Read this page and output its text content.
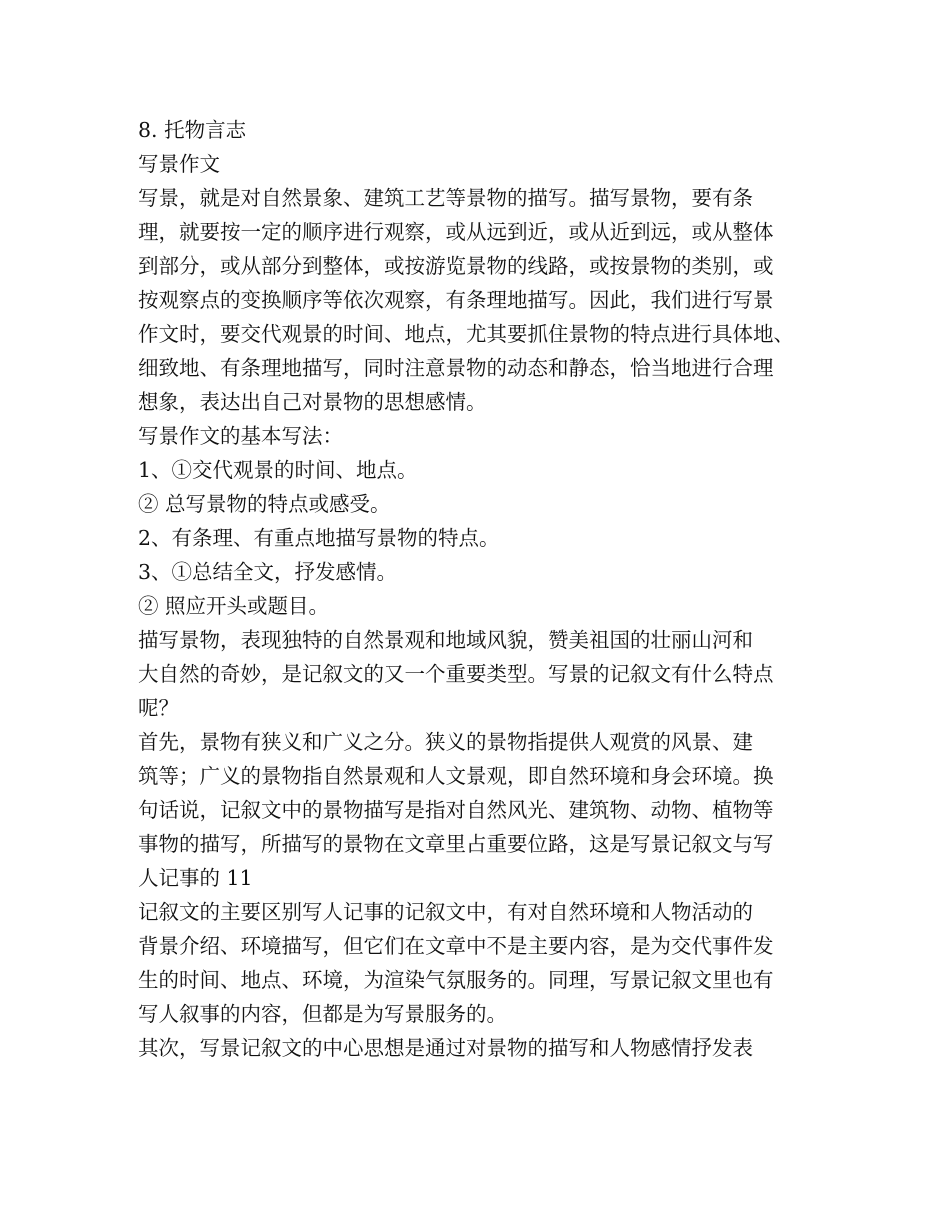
8. 托物言志
写景作文
写景，就是对自然景象、建筑工艺等景物的描写。描写景物，要有条
理，就要按一定的顺序进行观察，或从远到近，或从近到远，或从整体
到部分，或从部分到整体，或按游览景物的线路，或按景物的类别，或
按观察点的变换顺序等依次观察，有条理地描写。因此，我们进行写景
作文时，要交代观景的时间、地点，尤其要抓住景物的特点进行具体地、
细致地、有条理地描写，同时注意景物的动态和静态，恰当地进行合理
想象，表达出自己对景物的思想感情。
写景作文的基本写法：
1、①交代观景的时间、地点。
② 总写景物的特点或感受。
2、有条理、有重点地描写景物的特点。
3、①总结全文，抒发感情。
② 照应开头或题目。
描写景物，表现独特的自然景观和地域风貌，赞美祖国的壮丽山河和
大自然的奇妙，是记叙文的又一个重要类型。写景的记叙文有什么特点
呢？
首先，景物有狭义和广义之分。狭义的景物指提供人观赏的风景、建
筑等；广义的景物指自然景观和人文景观，即自然环境和身会环境。换
句话说，记叙文中的景物描写是指对自然风光、建筑物、动物、植物等
事物的描写，所描写的景物在文章里占重要位路，这是写景记叙文与写
人记事的 11
记叙文的主要区别写人记事的记叙文中，有对自然环境和人物活动的
背景介绍、环境描写，但它们在文章中不是主要内容，是为交代事件发
生的时间、地点、环境，为渲染气氛服务的。同理，写景记叙文里也有
写人叙事的内容，但都是为写景服务的。
其次，写景记叙文的中心思想是通过对景物的描写和人物感情抒发表
